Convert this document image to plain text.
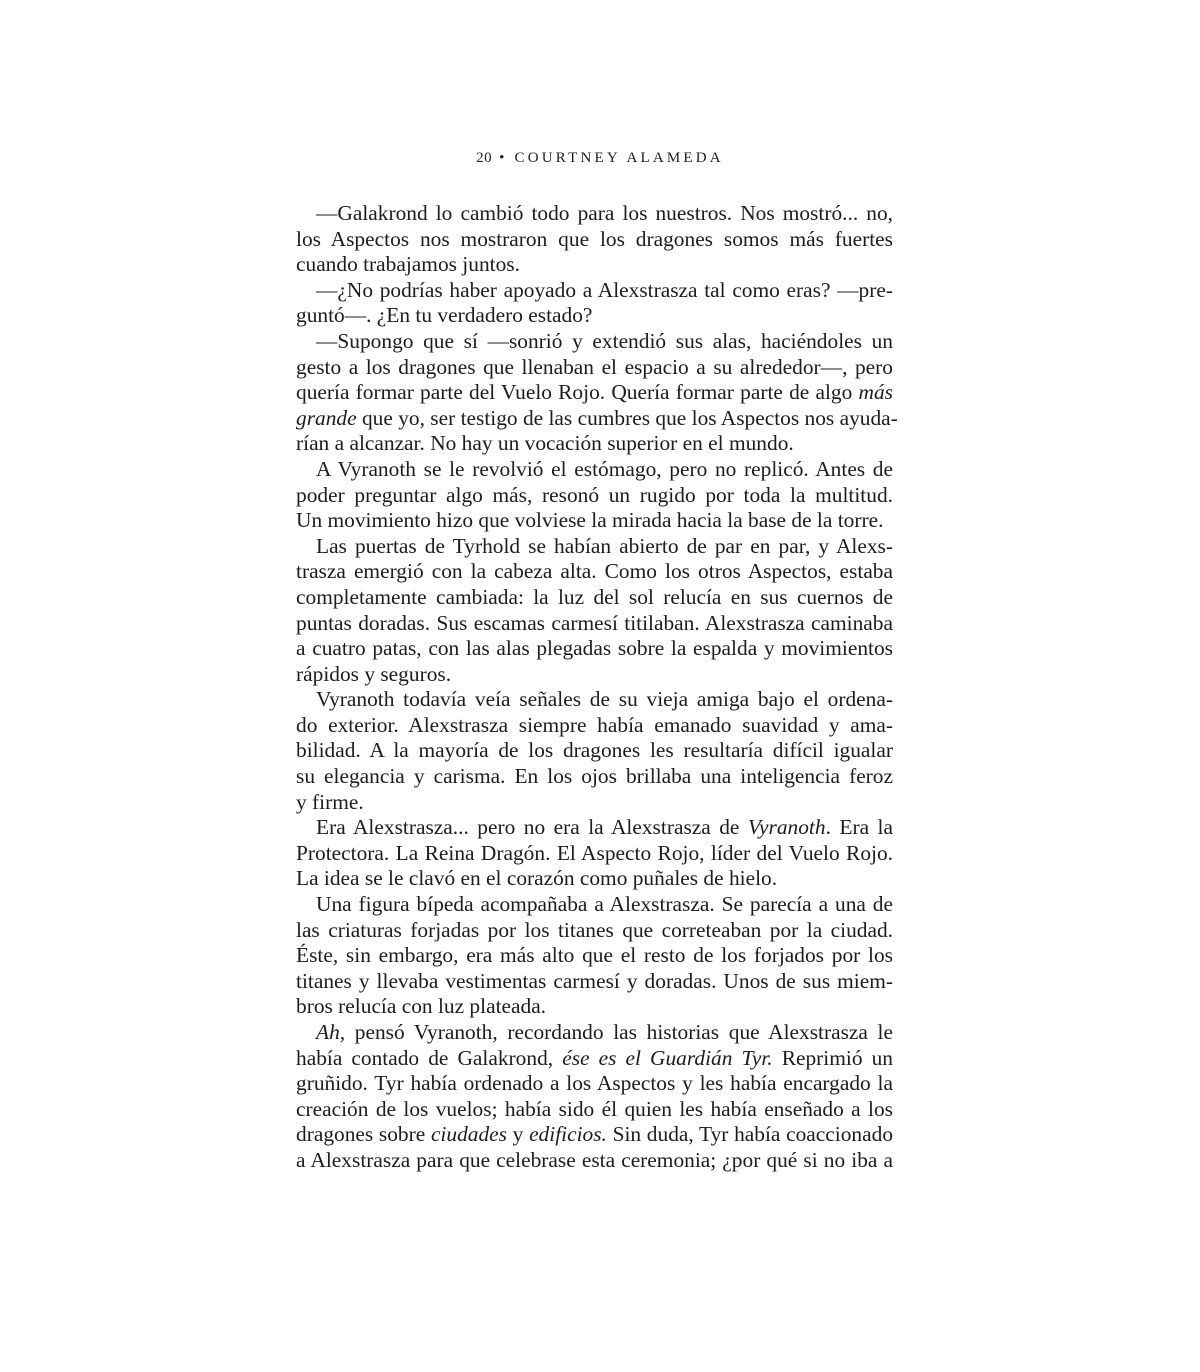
20 • COURTNEY ALAMEDA
—Galakrond lo cambió todo para los nuestros. Nos mostró... no,
los Aspectos nos mostraron que los dragones somos más fuertes
cuando trabajamos juntos.
—¿No podrías haber apoyado a Alexstrasza tal como eras? —pre-
guntó—. ¿En tu verdadero estado?
—Supongo que sí —sonrió y extendió sus alas, haciéndoles un
gesto a los dragones que llenaban el espacio a su alrededor—, pero
quería formar parte del Vuelo Rojo. Quería formar parte de algo más
grande que yo, ser testigo de las cumbres que los Aspectos nos ayuda-
rían a alcanzar. No hay un vocación superior en el mundo.
A Vyranoth se le revolvió el estómago, pero no replicó. Antes de
poder preguntar algo más, resonó un rugido por toda la multitud.
Un movimiento hizo que volviese la mirada hacia la base de la torre.
Las puertas de Tyrhold se habían abierto de par en par, y Alexs-
trasza emergió con la cabeza alta. Como los otros Aspectos, estaba
completamente cambiada: la luz del sol relucía en sus cuernos de
puntas doradas. Sus escamas carmesí titilaban. Alexstrasza caminaba
a cuatro patas, con las alas plegadas sobre la espalda y movimientos
rápidos y seguros.
Vyranoth todavía veía señales de su vieja amiga bajo el ordena-
do exterior. Alexstrasza siempre había emanado suavidad y ama-
bilidad. A la mayoría de los dragones les resultaría difícil igualar
su elegancia y carisma. En los ojos brillaba una inteligencia feroz
y firme.
Era Alexstrasza... pero no era la Alexstrasza de Vyranoth. Era la
Protectora. La Reina Dragón. El Aspecto Rojo, líder del Vuelo Rojo.
La idea se le clavó en el corazón como puñales de hielo.
Una figura bípeda acompañaba a Alexstrasza. Se parecía a una de
las criaturas forjadas por los titanes que correteaban por la ciudad.
Éste, sin embargo, era más alto que el resto de los forjados por los
titanes y llevaba vestimentas carmesí y doradas. Unos de sus miem-
bros relucía con luz plateada.
Ah, pensó Vyranoth, recordando las historias que Alexstrasza le
había contado de Galakrond, ése es el Guardián Tyr. Reprimió un
gruñido. Tyr había ordenado a los Aspectos y les había encargado la
creación de los vuelos; había sido él quien les había enseñado a los
dragones sobre ciudades y edificios. Sin duda, Tyr había coaccionado
a Alexstrasza para que celebrase esta ceremonia; ¿por qué si no iba a
